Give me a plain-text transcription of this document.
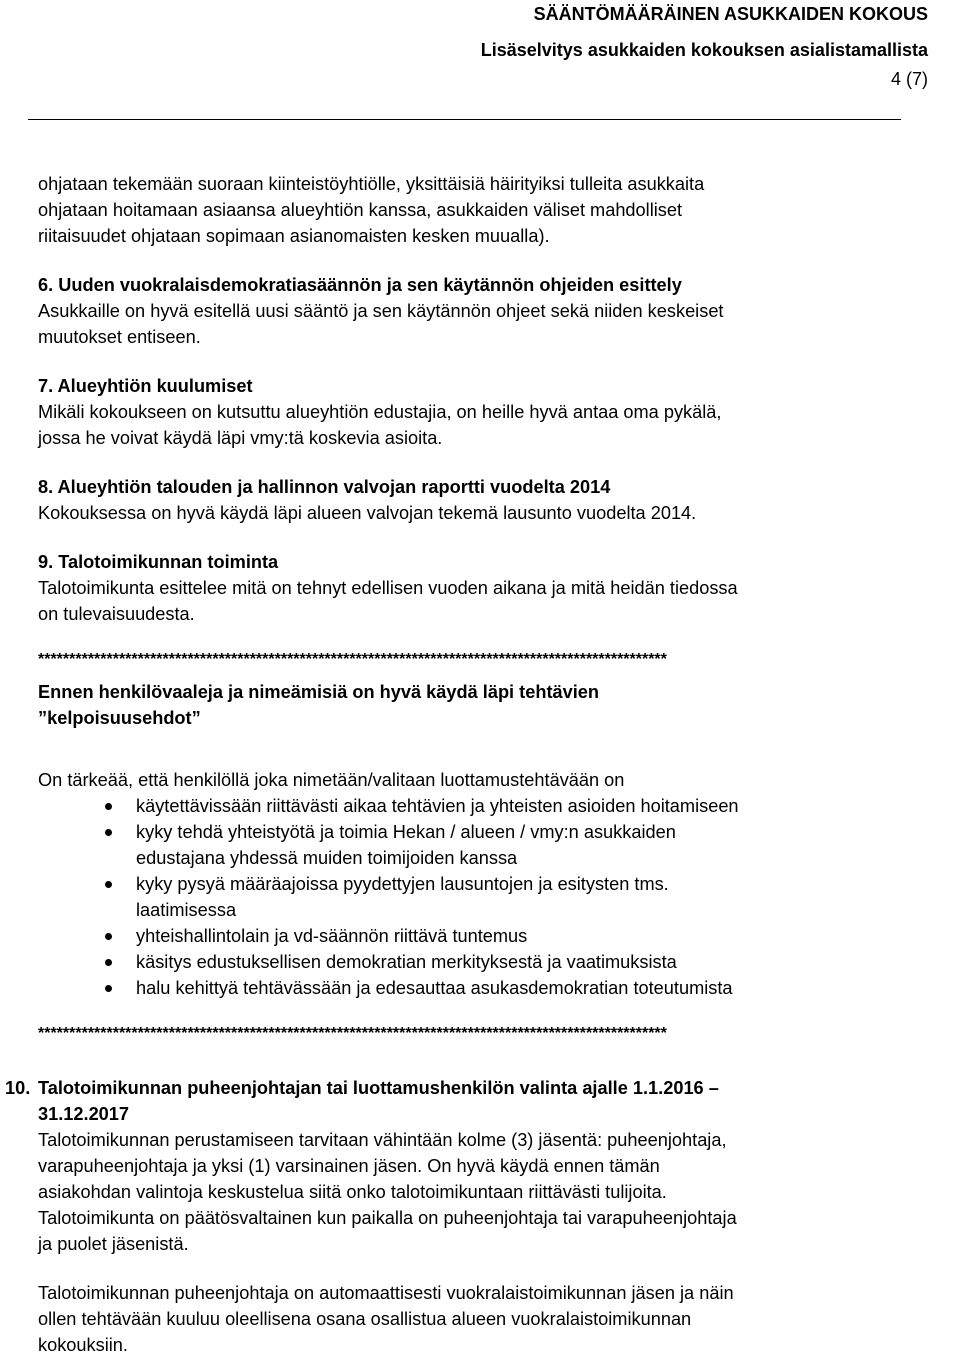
SÄÄNTÖMÄÄRÄINEN ASUKKAIDEN KOKOUS
Lisäselvitys asukkaiden kokouksen asialistamallista
4 (7)

ohjataan tekemään suoraan kiinteistöyhtiölle, yksittäisiä häirityiksi tulleita asukkaita
ohjataan hoitamaan asiaansa alueyhtiön kanssa, asukkaiden väliset mahdolliset
riitaisuudet ohjataan sopimaan asianomaisten kesken muualla).

6. Uuden vuokralaisdemokratiasäännön ja sen käytännön ohjeiden esittely

Asukkaille on hyvä esitellä uusi sääntö ja sen käytännön ohjeet sekä niiden keskeiset
muutokset entiseen.

7. Alueyhtiön kuulumiset

Mikäli kokoukseen on kutsuttu alueyhtiön edustajia, on heille hyvä antaa oma pykälä,
jossa he voivat käydä läpi vmy:tä koskevia asioita.

8. Alueyhtiön talouden ja hallinnon valvojan raportti vuodelta 2014

Kokouksessa on hyvä käydä läpi alueen valvojan tekemä lausunto vuodelta 2014.

9. Talotoimikunnan toiminta

Talotoimikunta esittelee mitä on tehnyt edellisen vuoden aikana ja mitä heidän tiedossa
on tulevaisuudesta.

*****************************************************************************************************

Ennen henkilövaaleja ja nimeämisiä on hyvä käydä läpi tehtävien
”kelpoisuusehdot”

On tärkeää, että henkilöllä joka nimetään/valitaan luottamustehtävään on

käytettävissään riittävästi aikaa tehtävien ja yhteisten asioiden hoitamiseen
kyky tehdä yhteistyötä ja toimia Hekan / alueen / vmy:n asukkaiden
edustajana yhdessä muiden toimijoiden kanssa
kyky pysyä määräajoissa pyydettyjen lausuntojen ja esitysten tms.
laatimisessa
yhteishallintolain ja vd-säännön riittävä tuntemus
käsitys edustuksellisen demokratian merkityksestä ja vaatimuksista
halu kehittyä tehtävässään ja edesauttaa asukasdemokratian toteutumista

*****************************************************************************************************

10. Talotoimikunnan puheenjohtajan tai luottamushenkilön valinta ajalle 1.1.2016 –
31.12.2017

Talotoimikunnan perustamiseen tarvitaan vähintään kolme (3) jäsentä: puheenjohtaja,
varapuheenjohtaja ja yksi (1) varsinainen jäsen. On hyvä käydä ennen tämän
asiakohdan valintoja keskustelua siitä onko talotoimikuntaan riittävästi tulijoita.
Talotoimikunta on päätösvaltainen kun paikalla on puheenjohtaja tai varapuheenjohtaja
ja puolet jäsenistä.

Talotoimikunnan puheenjohtaja on automaattisesti vuokralaistoimikunnan jäsen ja näin
ollen tehtävään kuuluu oleellisena osana osallistua alueen vuokralaistoimikunnan
kokouksiin.
